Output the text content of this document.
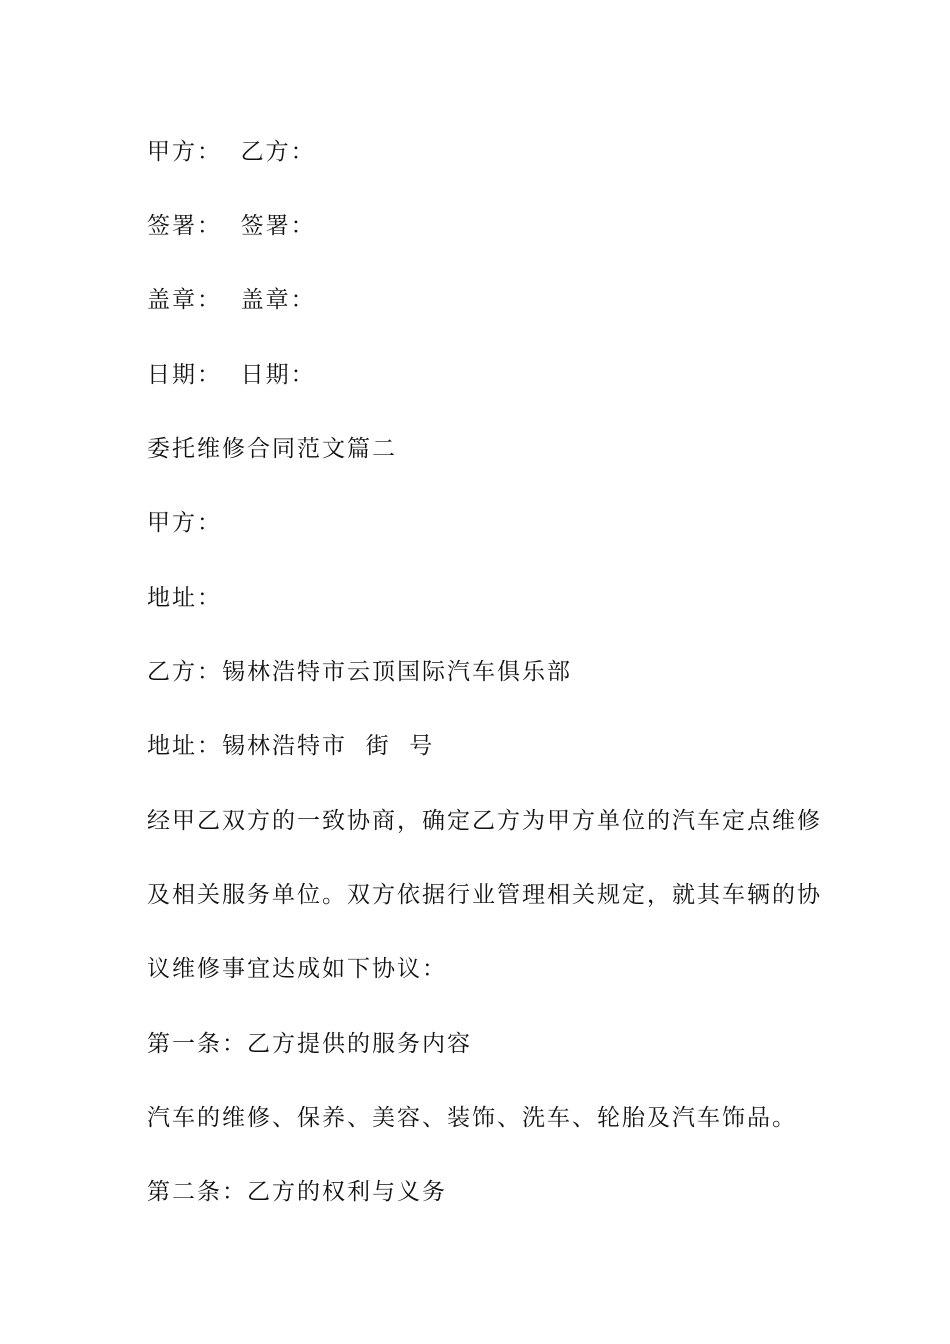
甲方：  乙方：
签署：  签署：
盖章：  盖章：
日期：  日期：
委托维修合同范文篇二
甲方：
地址：
乙方：锡林浩特市云顶国际汽车俱乐部
地址：锡林浩特市  街  号
经甲乙双方的一致协商，确定乙方为甲方单位的汽车定点维修
及相关服务单位。双方依据行业管理相关规定，就其车辆的协
议维修事宜达成如下协议：
第一条：乙方提供的服务内容
汽车的维修、保养、美容、装饰、洗车、轮胎及汽车饰品。
第二条：乙方的权利与义务
